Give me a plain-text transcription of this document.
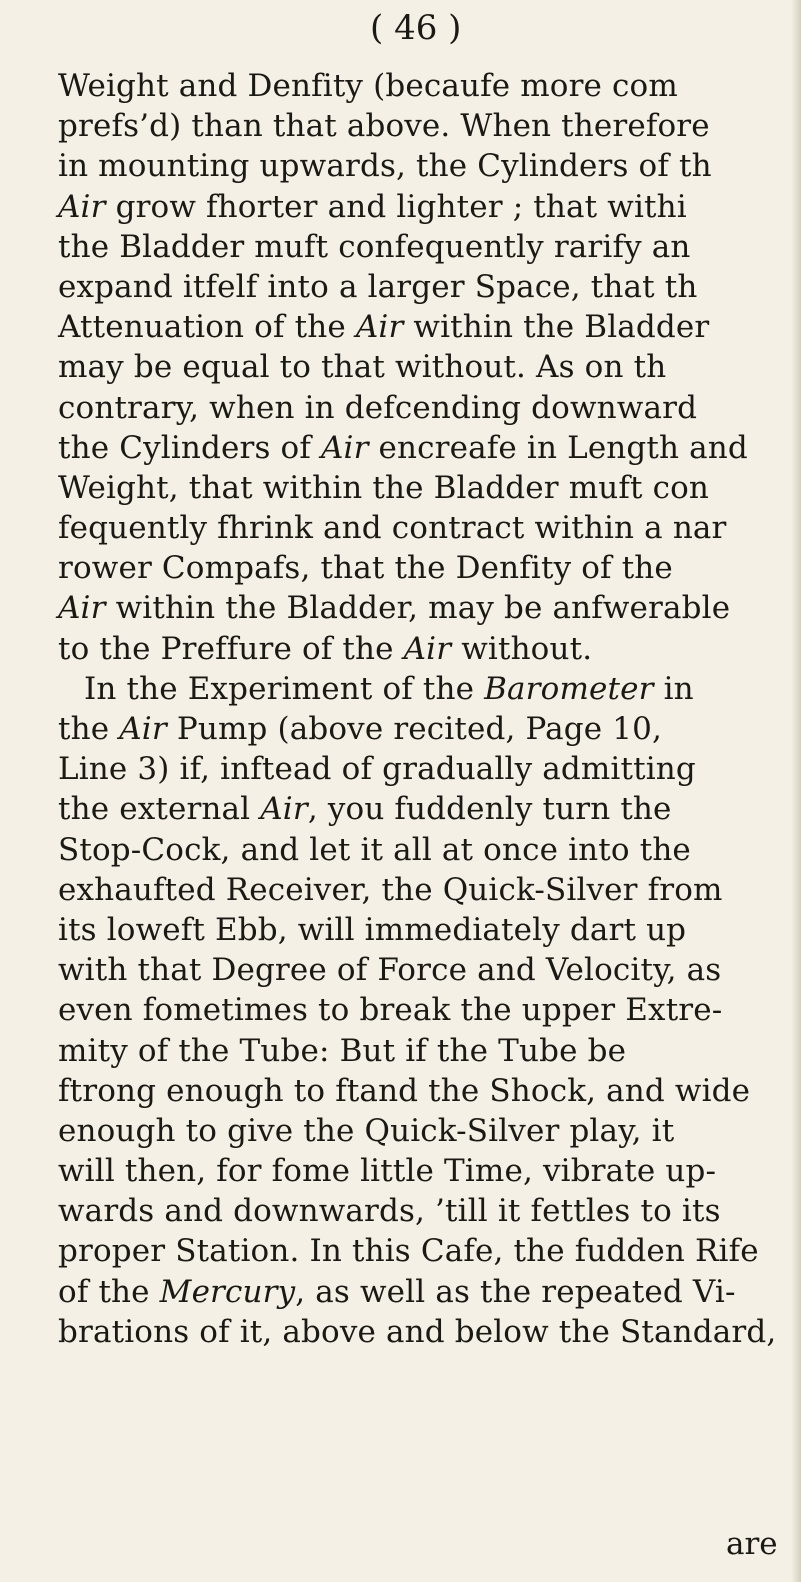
( 46 )
Weight and Denfity (becaufe more com
prefs’d) than that above. When therefore
in mounting upwards, the Cylinders of th
Air grow fhorter and lighter ; that withi
the Bladder muft confequently rarify an
expand itfelf into a larger Space, that th
Attenuation of the Air within the Bladder
may be equal to that without. As on th
contrary, when in defcending downward
the Cylinders of Air encreafe in Length and
Weight, that within the Bladder muft con
fequently fhrink and contract within a nar
rower Compafs, that the Denfity of the
Air within the Bladder, may be anfwerable
to the Preffure of the Air without.
In the Experiment of the Barometer in
the Air Pump (above recited, Page 10,
Line 3) if, inftead of gradually admitting
the external Air, you fuddenly turn the
Stop-Cock, and let it all at once into the
exhaufted Receiver, the Quick-Silver from
its loweft Ebb, will immediately dart up
with that Degree of Force and Velocity, as
even fometimes to break the upper Extre-
mity of the Tube: But if the Tube be
ftrong enough to ftand the Shock, and wide
enough to give the Quick-Silver play, it
will then, for fome little Time, vibrate up-
wards and downwards, ’till it fettles to its
proper Station. In this Cafe, the fudden Rife
of the Mercury, as well as the repeated Vi-
brations of it, above and below the Standard,
are
